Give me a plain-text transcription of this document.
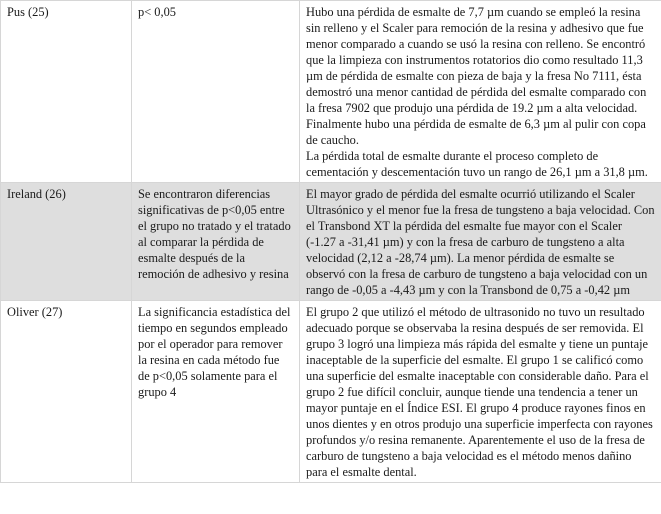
Pus (25)	p< 0,05	Hubo una pérdida de esmalte de 7,7 µm cuando se empleó la resina sin relleno y el Scaler para remoción de la resina y adhesivo que fue menor comparado a cuando se usó la resina con relleno. Se encontró que la limpieza con instrumentos rotatorios dio como resultado 11,3 µm de pérdida de esmalte con pieza de baja y la fresa No 7111, ésta demostró una menor cantidad de pérdida del esmalte comparado con la fresa 7902 que produjo una pérdida de 19.2 µm a alta velocidad. Finalmente hubo una pérdida de esmalte de 6,3 µm al pulir con copa de caucho.

La pérdida total de esmalte durante el proceso completo de cementación y descementación tuvo un rango de 26,1 µm a 31,8 µm.

Ireland (26)	Se encontraron diferencias significativas de p<0,05 entre el grupo no tratado y el tratado al comparar la pérdida de esmalte después de la remoción de adhesivo y resina	El mayor grado de pérdida del esmalte ocurrió utilizando el Scaler Ultrasónico y el menor fue la fresa de tungsteno a baja velocidad. Con el Transbond XT la pérdida del esmalte fue mayor con el Scaler (-1.27 a -31,41 µm) y con la fresa de carburo de tungsteno a alta velocidad (2,12 a -28,74 µm). La menor pérdida de esmalte se observó con la fresa de carburo de tungsteno a baja velocidad con un rango de -0,05 a -4,43 µm y con la Transbond de 0,75 a -0,42 µm

Oliver (27)	La significancia estadística del tiempo en segundos empleado por el operador para remover la resina en cada método fue de p<0,05 solamente para el grupo 4	El grupo 2 que utilizó el método de ultrasonido no tuvo un resultado adecuado porque se observaba la resina después de ser removida. El grupo 3 logró una limpieza más rápida del esmalte y tiene un puntaje inaceptable de la superficie del esmalte. El grupo 1 se calificó como una superficie del esmalte inaceptable con considerable daño. Para el grupo 2 fue difícil concluir, aunque tiende una tendencia a tener un mayor puntaje en el Índice ESI. El grupo 4 produce rayones finos en unos dientes y en otros produjo una superficie imperfecta con rayones profundos y/o resina remanente. Aparentemente el uso de la fresa de carburo de tungsteno a baja velocidad es el método menos dañino para el esmalte dental.
